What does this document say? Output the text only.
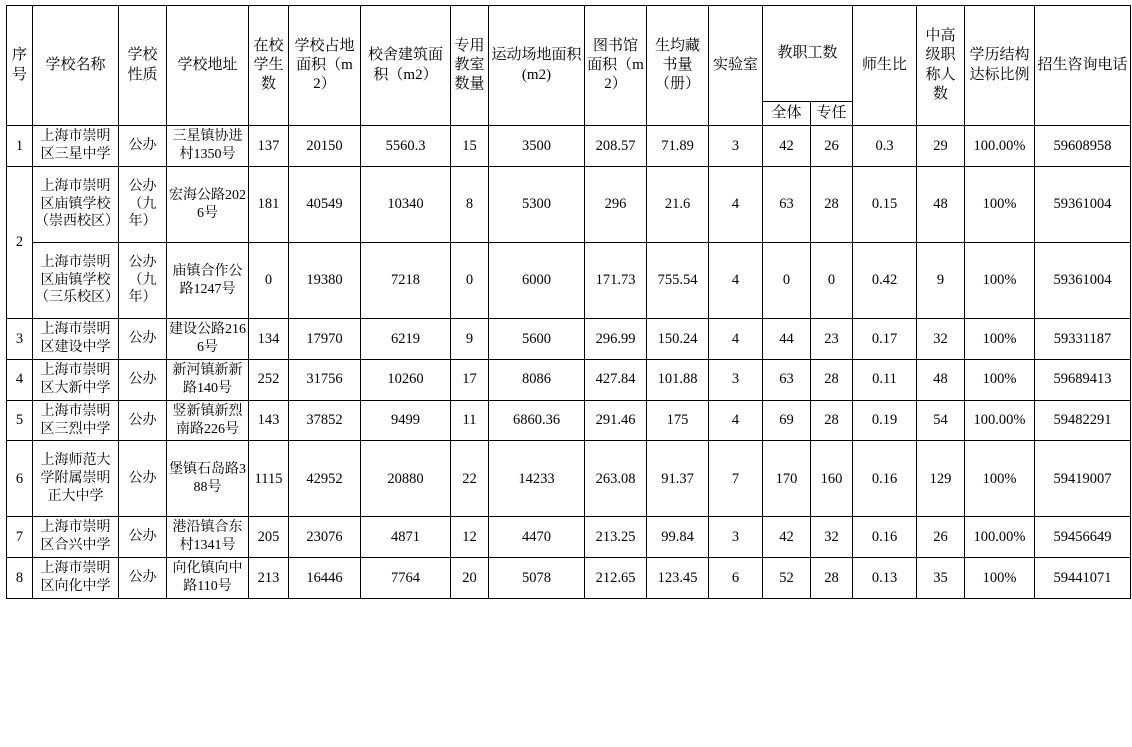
序号	学校名称	学校性质	学校地址	在校学生数	学校占地面积（m2）	校舍建筑面积（m2）	专用教室数量	运动场地面积(m2)	图书馆面积（m2）	生均藏书量（册）	实验室	教职工数		师生比	中高级职称人数	学历结构达标比例	招生咨询电话
												全体	专任				
1	上海市崇明区三星中学	公办	三星镇协进村1350号	137	20150	5560.3	15	3500	208.57	71.89	3	42	26	0.3	29	100.00%	59608958
2	上海市崇明区庙镇学校（崇西校区）	公办（九年）	宏海公路2026号	181	40549	10340	8	5300	296	21.6	4	63	28	0.15	48	100%	59361004
	上海市崇明区庙镇学校（三乐校区）	公办（九年）	庙镇合作公路1247号	0	19380	7218	0	6000	171.73	755.54	4	0	0	0.42	9	100%	59361004
3	上海市崇明区建设中学	公办	建设公路2166号	134	17970	6219	9	5600	296.99	150.24	4	44	23	0.17	32	100%	59331187
4	上海市崇明区大新中学	公办	新河镇新新路140号	252	31756	10260	17	8086	427.84	101.88	3	63	28	0.11	48	100%	59689413
5	上海市崇明区三烈中学	公办	竖新镇新烈南路226号	143	37852	9499	11	6860.36	291.46	175	4	69	28	0.19	54	100.00%	59482291
6	上海师范大学附属崇明正大中学	公办	堡镇石岛路388号	1115	42952	20880	22	14233	263.08	91.37	7	170	160	0.16	129	100%	59419007
7	上海市崇明区合兴中学	公办	港沿镇合东村1341号	205	23076	4871	12	4470	213.25	99.84	3	42	32	0.16	26	100.00%	59456649
8	上海市崇明区向化中学	公办	向化镇向中路110号	213	16446	7764	20	5078	212.65	123.45	6	52	28	0.13	35	100%	59441071
